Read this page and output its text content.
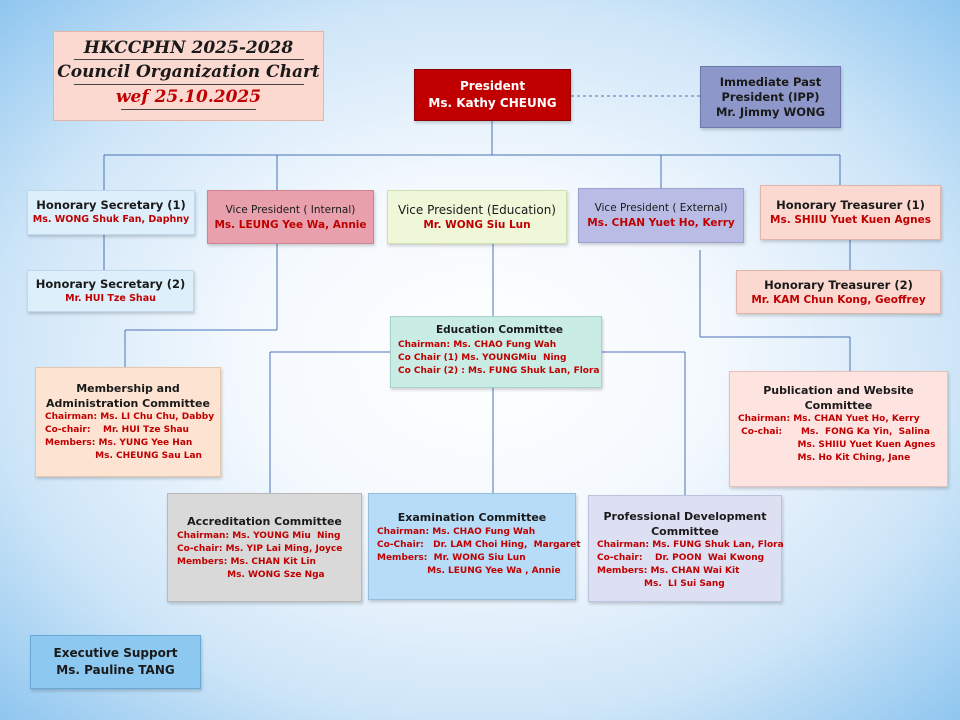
HKCCPHN 2025-2028
Council Organization Chart
wef 25.10.2025
President
Ms. Kathy CHEUNG
Immediate Past
President (IPP)
Mr. Jimmy WONG
Honorary Secretary (1)
Ms. WONG Shuk Fan, Daphny
Honorary Secretary (2)
Mr. HUI Tze Shau
Vice President ( Internal)
Ms. LEUNG Yee Wa, Annie
Vice President (Education)
Mr. WONG Siu Lun
Vice President ( External)
Ms. CHAN Yuet Ho, Kerry
Honorary Treasurer (1)
Ms. SHIIU Yuet Kuen Agnes
Honorary Treasurer (2)
Mr. KAM Chun Kong, Geoffrey
Education Committee
Chairman: Ms. CHAO Fung Wah
Co Chair (1) Ms. YOUNGMiu  Ning
Co Chair (2) : Ms. FUNG Shuk Lan, Flora
Membership and
Administration Committee
Chairman: Ms. LI Chu Chu, Dabby
Co-chair:    Mr. HUI Tze Shau
Members: Ms. YUNG Yee Han
Ms. CHEUNG Sau Lan
Publication and Website Committee
Chairman: Ms. CHAN Yuet Ho, Kerry
Co-chai:      Ms.  FONG Ka Yin,  Salina
Ms. SHIIU Yuet Kuen Agnes
Ms. Ho Kit Ching, Jane
Accreditation Committee
Chairman: Ms. YOUNG Miu  Ning
Co-chair: Ms. YIP Lai Ming, Joyce
Members: Ms. CHAN Kit Lin
Ms. WONG Sze Nga
Examination Committee
Chairman: Ms. CHAO Fung Wah
Co-Chair:   Dr. LAM Choi Hing,  Margaret
Members:  Mr. WONG Siu Lun
Ms. LEUNG Yee Wa , Annie
Professional Development
Committee
Chairman: Ms. FUNG Shuk Lan, Flora
Co-chair:    Dr. POON  Wai Kwong
Members: Ms. CHAN Wai Kit
Ms.  LI Sui Sang
Executive Support
Ms. Pauline TANG
